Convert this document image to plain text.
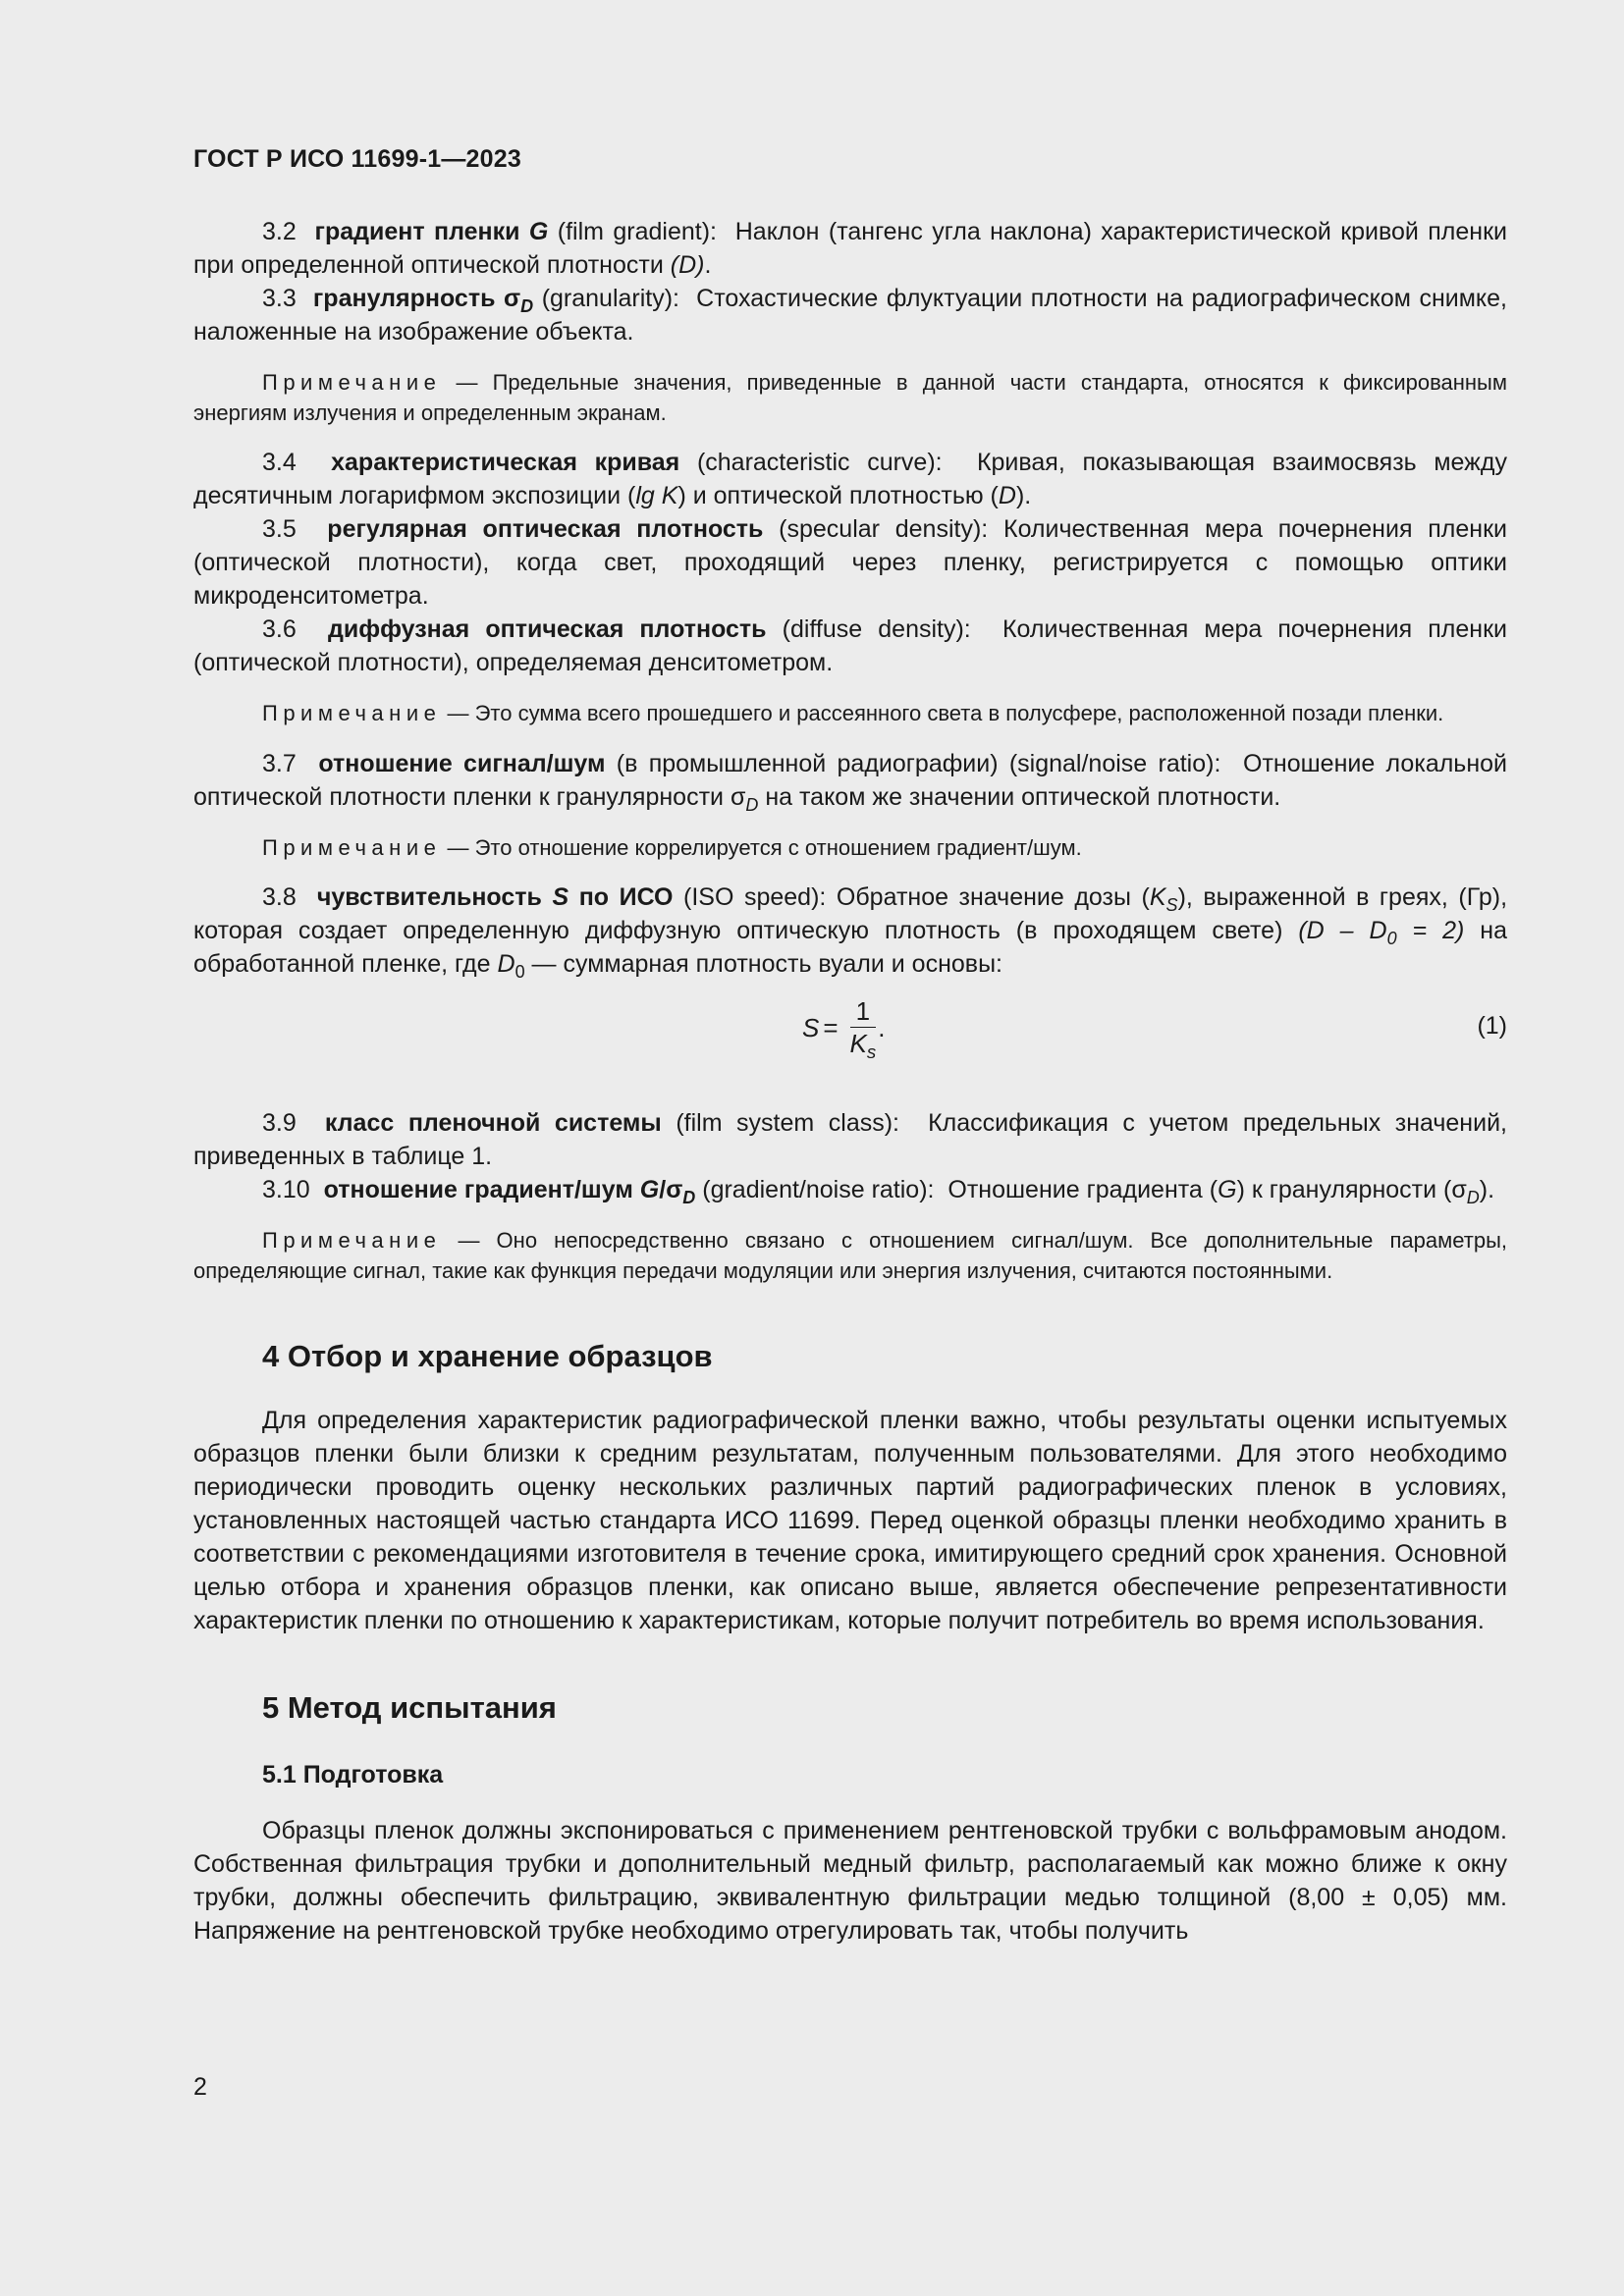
ГОСТ Р ИСО 11699-1—2023

3.2 градиент пленки G (film gradient): Наклон (тангенс угла наклона) характеристической кривой пленки при определенной оптической плотности (D).

3.3 гранулярность $\sigma_D$ (granularity): Стохастические флуктуации плотности на радиографическом снимке, наложенные на изображение объекта.

Примечание — Предельные значения, приведенные в данной части стандарта, относятся к фиксированным энергиям излучения и определенным экранам.

3.4 характеристическая кривая (characteristic curve): Кривая, показывающая взаимосвязь между десятичным логарифмом экспозиции (lg K) и оптической плотностью (D).

3.5 регулярная оптическая плотность (specular density): Количественная мера почернения пленки (оптической плотности), когда свет, проходящий через пленку, регистрируется с помощью оптики микроденситометра.

3.6 диффузная оптическая плотность (diffuse density): Количественная мера почернения пленки (оптической плотности), определяемая денситометром.

Примечание — Это сумма всего прошедшего и рассеянного света в полусфере, расположенной позади пленки.

3.7 отношение сигнал/шум (в промышленной радиографии) (signal/noise ratio): Отношение локальной оптической плотности пленки к гранулярности $\sigma_D$ на таком же значении оптической плотности.

Примечание — Это отношение коррелируется с отношением градиент/шум.

3.8 чувствительность S по ИСО (ISO speed): Обратное значение дозы $(K_S)$, выраженной в греях, (Гр), которая создает определенную диффузную оптическую плотность (в проходящем свете) $(D - D_0 = 2)$ на обработанной пленке, где $D_0$ — суммарная плотность вуали и основы:

$S = \frac{1}{K_s}$ .	(1)

3.9 класс пленочной системы (film system class): Классификация с учетом предельных значений, приведенных в таблице 1.

3.10 отношение градиент/шум $G/\sigma_D$ (gradient/noise ratio): Отношение градиента (G) к гранулярности $(\sigma_D)$.

Примечание — Оно непосредственно связано с отношением сигнал/шум. Все дополнительные параметры, определяющие сигнал, такие как функция передачи модуляции или энергия излучения, считаются постоянными.

4 Отбор и хранение образцов

Для определения характеристик радиографической пленки важно, чтобы результаты оценки испытуемых образцов пленки были близки к средним результатам, полученным пользователями. Для этого необходимо периодически проводить оценку нескольких различных партий радиографических пленок в условиях, установленных настоящей частью стандарта ИСО 11699. Перед оценкой образцы пленки необходимо хранить в соответствии с рекомендациями изготовителя в течение срока, имитирующего средний срок хранения. Основной целью отбора и хранения образцов пленки, как описано выше, является обеспечение репрезентативности характеристик пленки по отношению к характеристикам, которые получит потребитель во время использования.

5 Метод испытания
5.1 Подготовка

Образцы пленок должны экспонироваться с применением рентгеновской трубки с вольфрамовым анодом. Собственная фильтрация трубки и дополнительный медный фильтр, располагаемый как можно ближе к окну трубки, должны обеспечить фильтрацию, эквивалентную фильтрации медью толщиной (8,00 ± 0,05) мм. Напряжение на рентгеновской трубке необходимо отрегулировать так, чтобы получить

2
